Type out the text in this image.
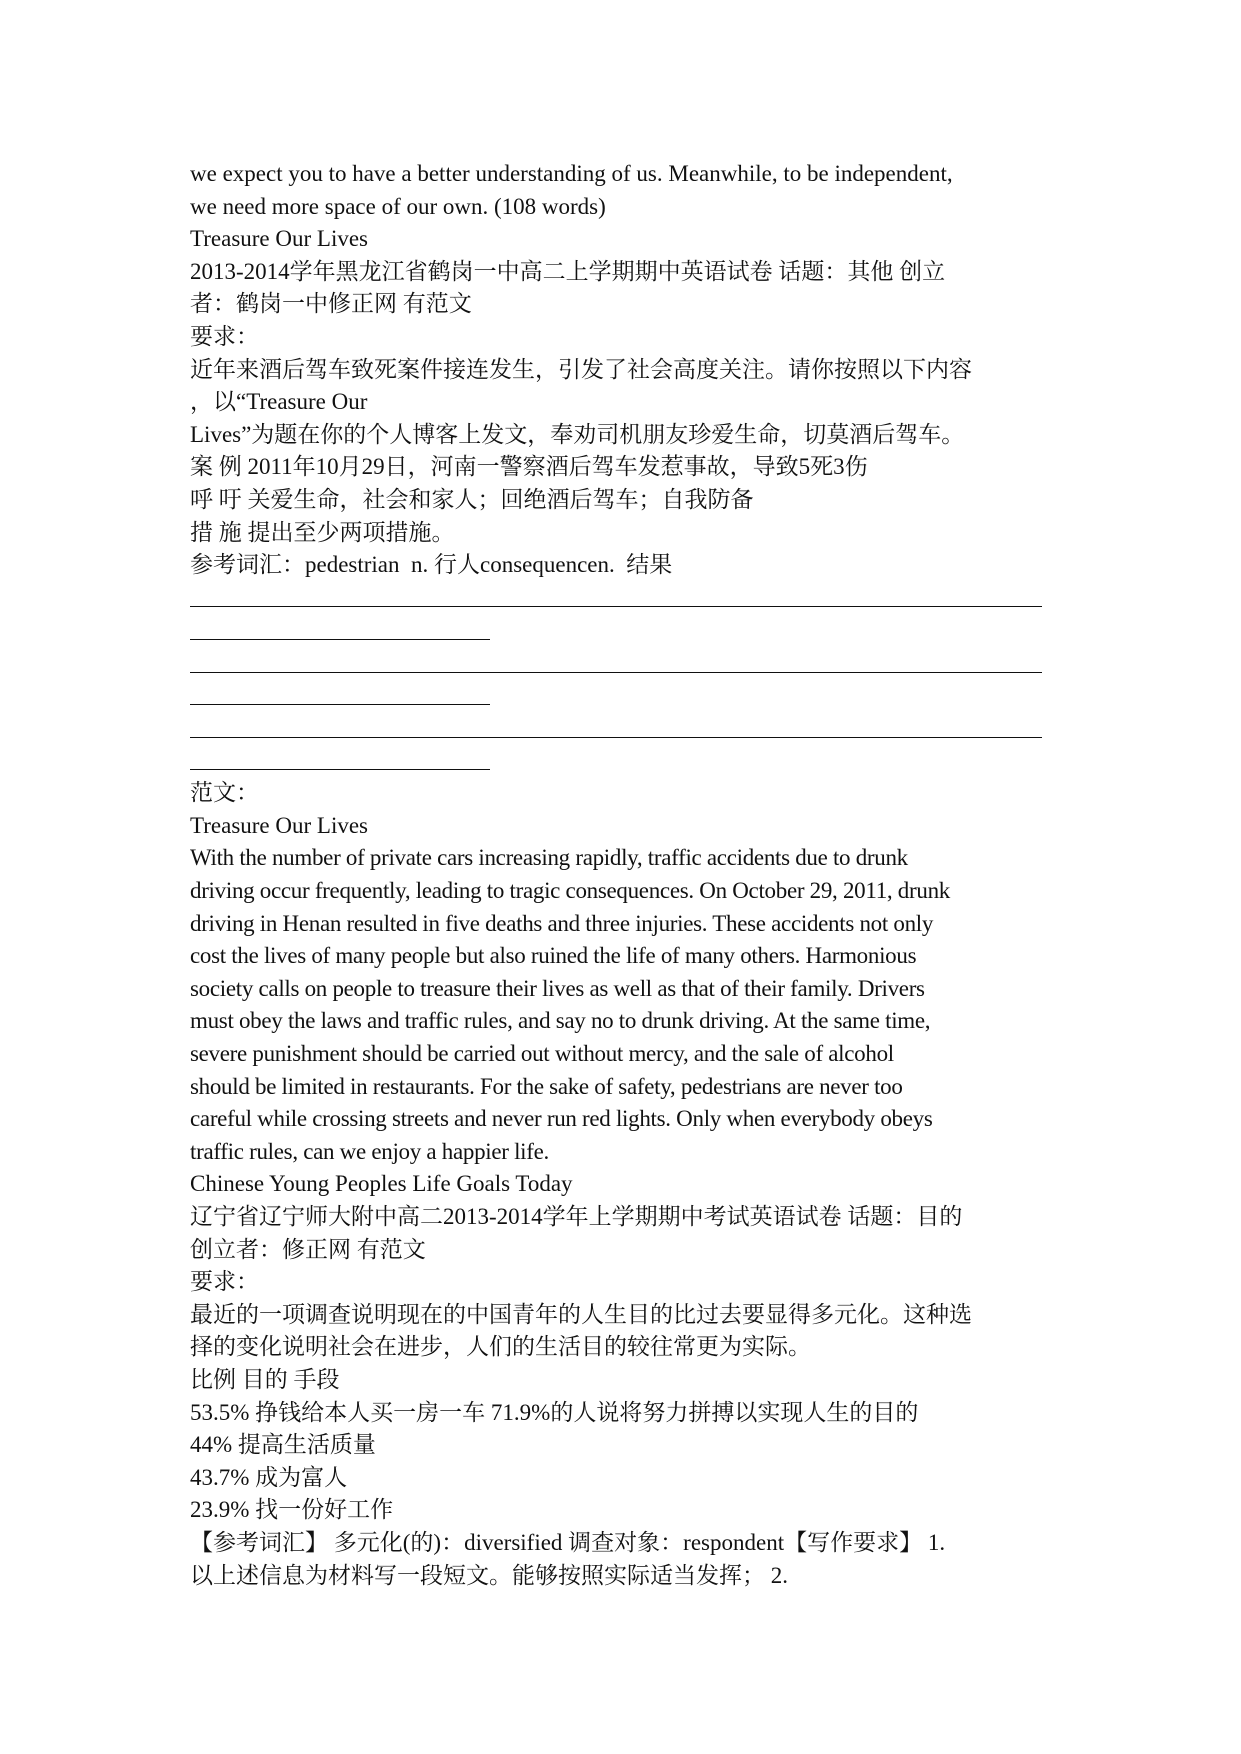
we expect you to have a better understanding of us. Meanwhile, to be independent,
we need more space of our own. (108 words)
Treasure Our Lives
2013-2014学年黑龙江省鹤岗一中高二上学期期中英语试卷 话题：其他 创立
者：鹤岗一中修正网 有范文
要求：
近年来酒后驾车致死案件接连发生，引发了社会高度关注。请你按照以下内容
，以“Treasure Our
Lives”为题在你的个人博客上发文，奉劝司机朋友珍爱生命，切莫酒后驾车。
案 例 2011年10月29日，河南一警察酒后驾车发惹事故，导致5死3伤
呼 吁 关爱生命，社会和家人；回绝酒后驾车；自我防备
措 施 提出至少两项措施。
参考词汇：pedestrian  n. 行人consequencen.  结果
范文：
Treasure Our Lives
With the number of private cars increasing rapidly, traffic accidents due to drunk
driving occur frequently, leading to tragic consequences. On October 29, 2011, drunk
driving in Henan resulted in five deaths and three injuries. These accidents not only
cost the lives of many people but also ruined the life of many others. Harmonious
society calls on people to treasure their lives as well as that of their family. Drivers
must obey the laws and traffic rules, and say no to drunk driving. At the same time,
severe punishment should be carried out without mercy, and the sale of alcohol
should be limited in restaurants. For the sake of safety, pedestrians are never too
careful while crossing streets and never run red lights. Only when everybody obeys
traffic rules, can we enjoy a happier life.
Chinese Young Peoples Life Goals Today
辽宁省辽宁师大附中高二2013-2014学年上学期期中考试英语试卷 话题：目的
创立者：修正网 有范文
要求：
最近的一项调查说明现在的中国青年的人生目的比过去要显得多元化。这种选
择的变化说明社会在进步，人们的生活目的较往常更为实际。
比例 目的 手段
53.5% 挣钱给本人买一房一车 71.9%的人说将努力拼搏以实现人生的目的
44% 提高生活质量
43.7% 成为富人
23.9% 找一份好工作
【参考词汇】 多元化(的)：diversified 调查对象：respondent【写作要求】 1.
以上述信息为材料写一段短文。能够按照实际适当发挥； 2.
